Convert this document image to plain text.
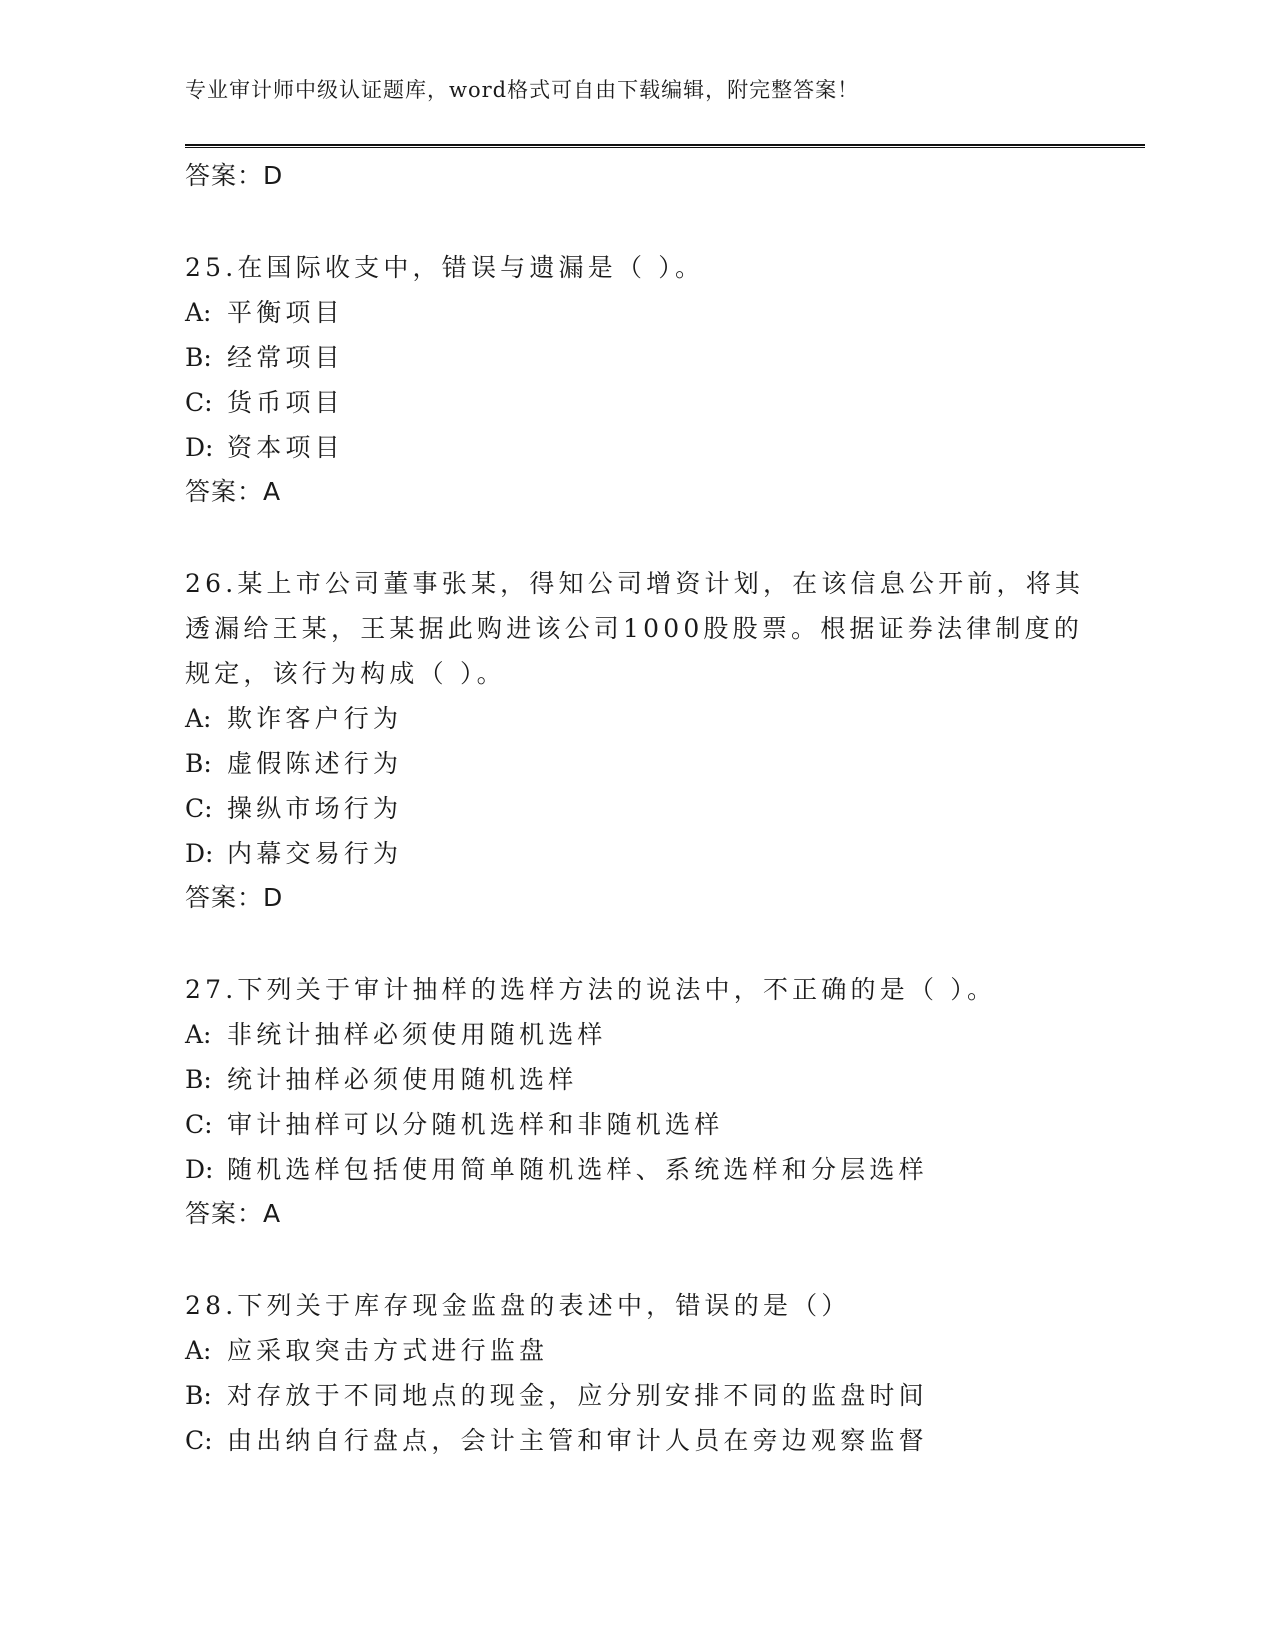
专业审计师中级认证题库，word格式可自由下载编辑，附完整答案！
答案：D
25.在国际收支中，错误与遗漏是（ ）。
A: 平衡项目
B: 经常项目
C: 货币项目
D: 资本项目
答案：A
26.某上市公司董事张某，得知公司增资计划，在该信息公开前，将其透漏给王某，王某据此购进该公司1000股股票。根据证券法律制度的规定，该行为构成（ ）。
A: 欺诈客户行为
B: 虚假陈述行为
C: 操纵市场行为
D: 内幕交易行为
答案：D
27.下列关于审计抽样的选样方法的说法中，不正确的是（ ）。
A: 非统计抽样必须使用随机选样
B: 统计抽样必须使用随机选样
C: 审计抽样可以分随机选样和非随机选样
D: 随机选样包括使用简单随机选样、系统选样和分层选样
答案：A
28.下列关于库存现金监盘的表述中，错误的是（）
A: 应采取突击方式进行监盘
B: 对存放于不同地点的现金，应分别安排不同的监盘时间
C: 由出纳自行盘点，会计主管和审计人员在旁边观察监督
